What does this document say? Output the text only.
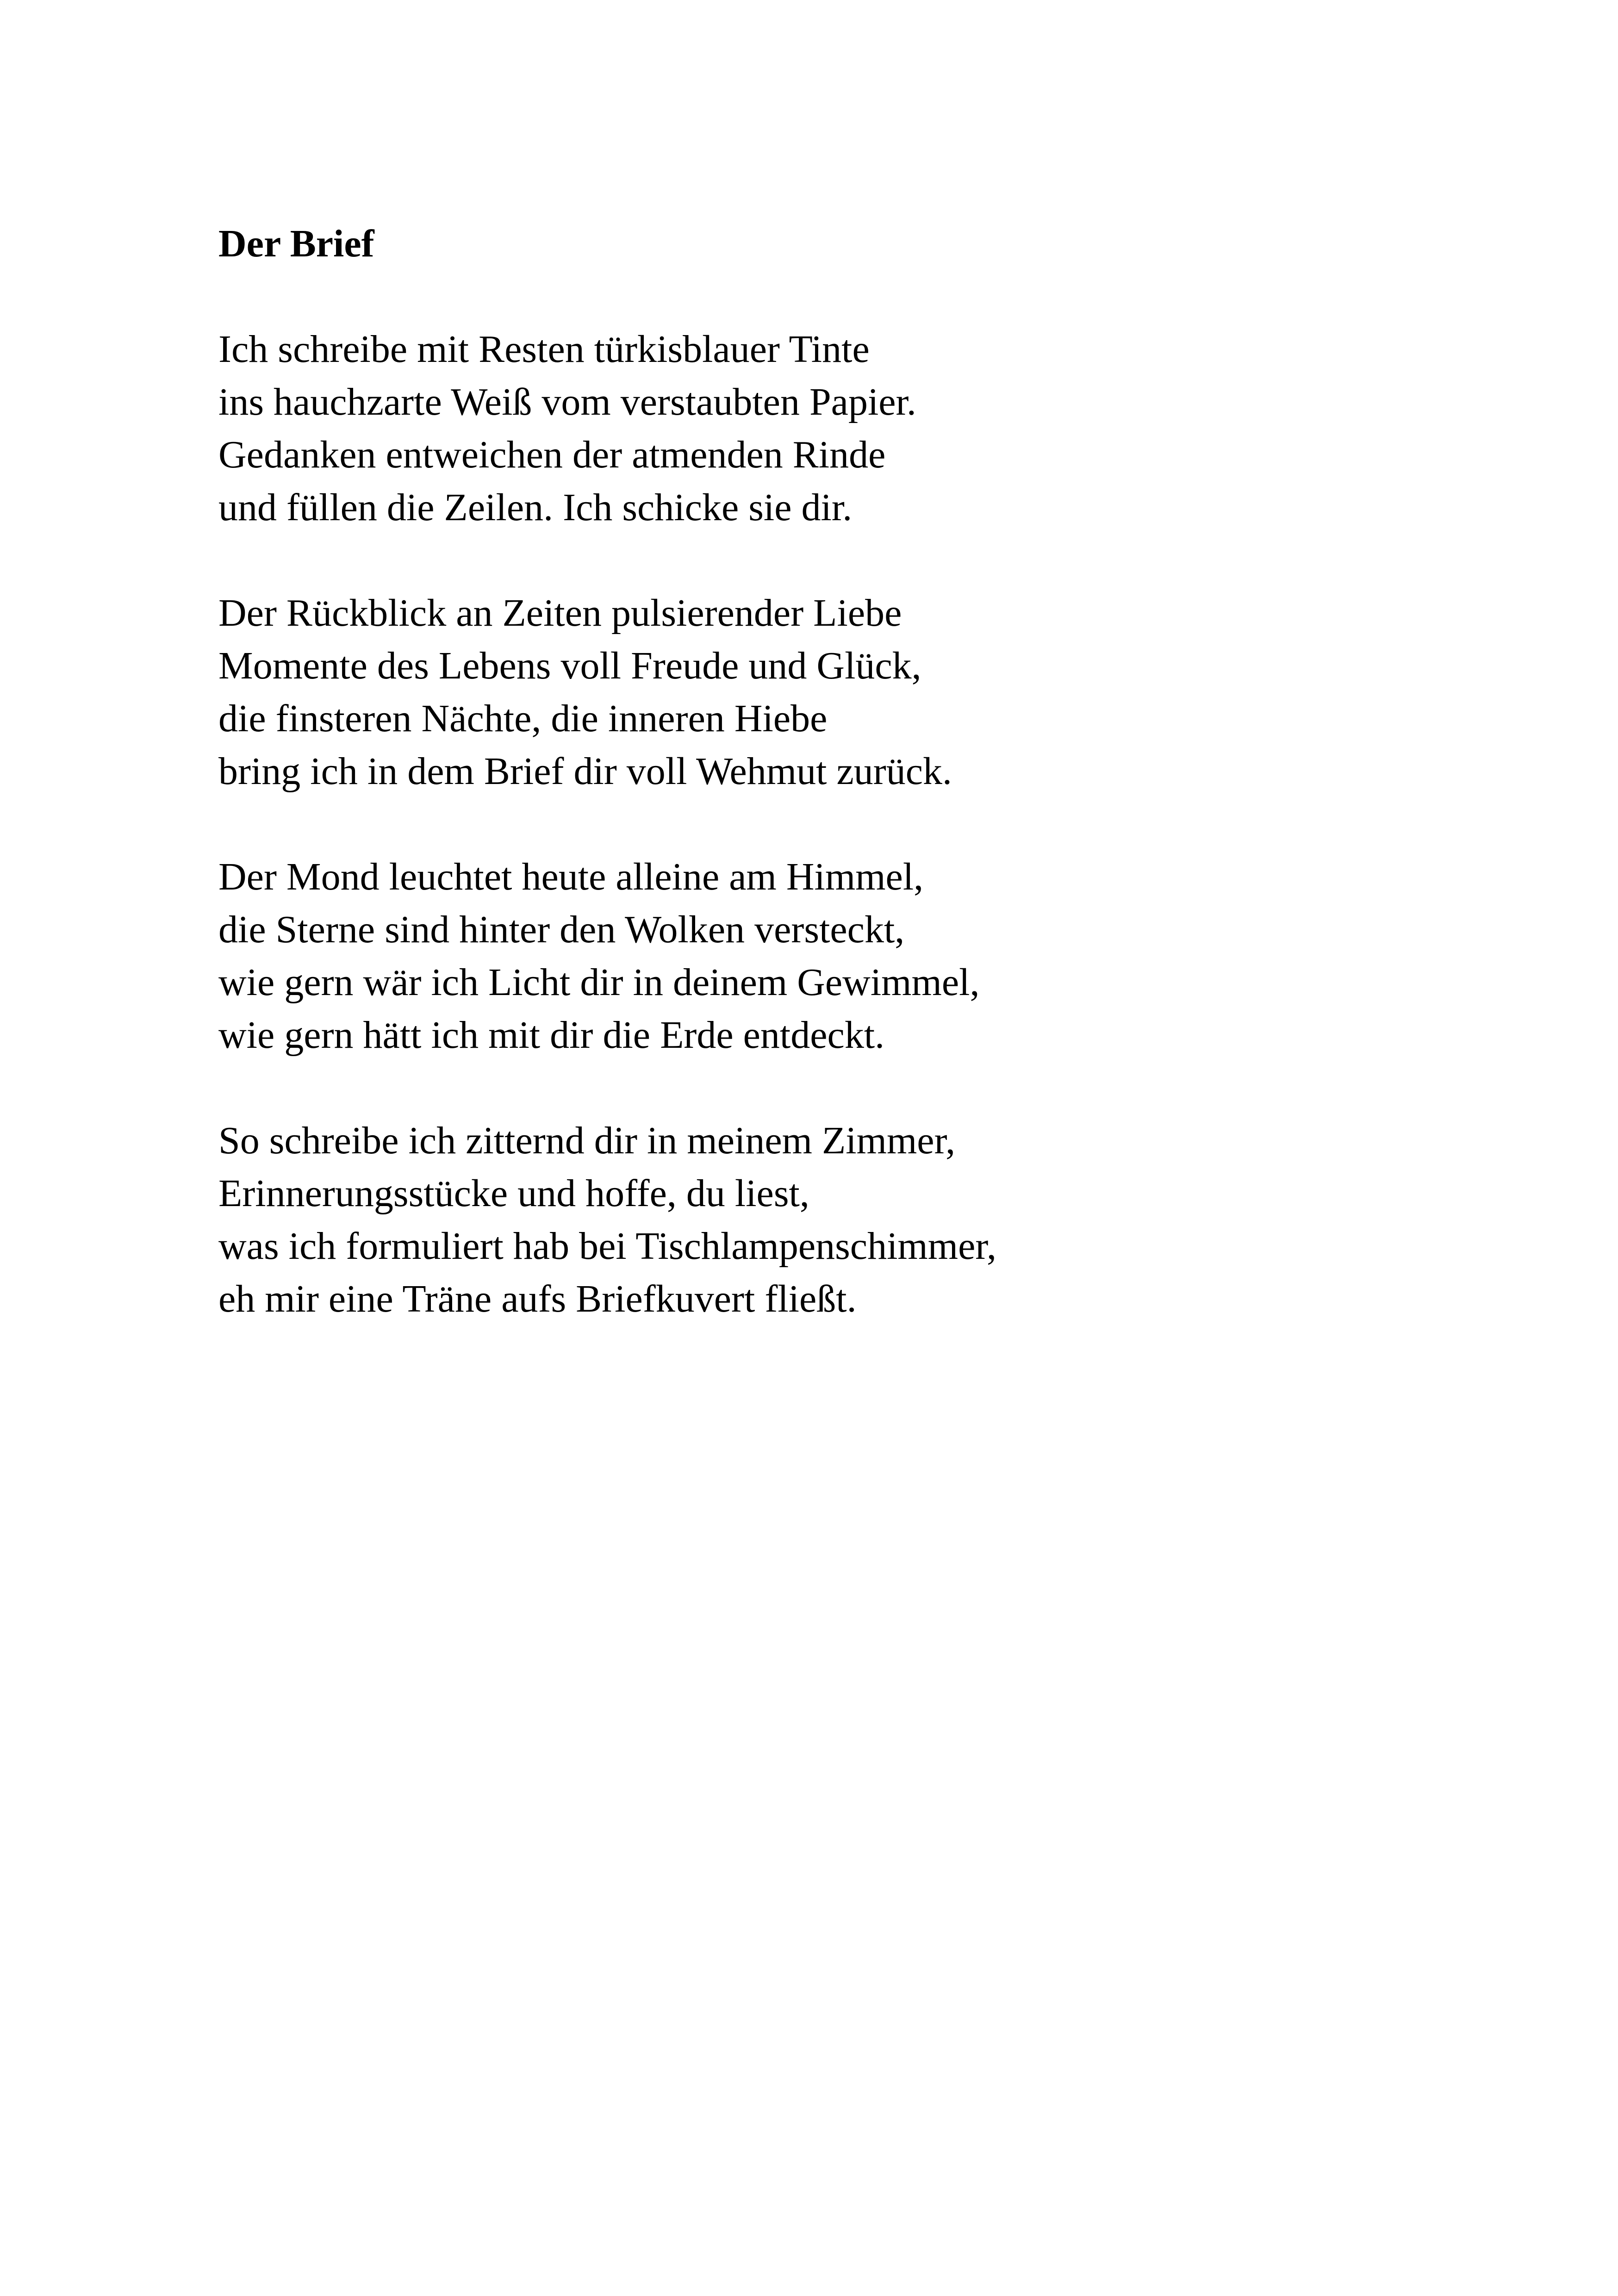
Der Brief
Ich schreibe mit Resten türkisblauer Tinte
ins hauchzarte Weiß vom verstaubten Papier.
Gedanken entweichen der atmenden Rinde
und füllen die Zeilen. Ich schicke sie dir.
Der Rückblick an Zeiten pulsierender Liebe
Momente des Lebens voll Freude und Glück,
die finsteren Nächte, die inneren Hiebe
bring ich in dem Brief dir voll Wehmut zurück.
Der Mond leuchtet heute alleine am Himmel,
die Sterne sind hinter den Wolken versteckt,
wie gern wär ich Licht dir in deinem Gewimmel,
wie gern hätt ich mit dir die Erde entdeckt.
So schreibe ich zitternd dir in meinem Zimmer,
Erinnerungsstücke und hoffe, du liest,
was ich formuliert hab bei Tischlampenschimmer,
eh mir eine Träne aufs Briefkuvert fließt.
